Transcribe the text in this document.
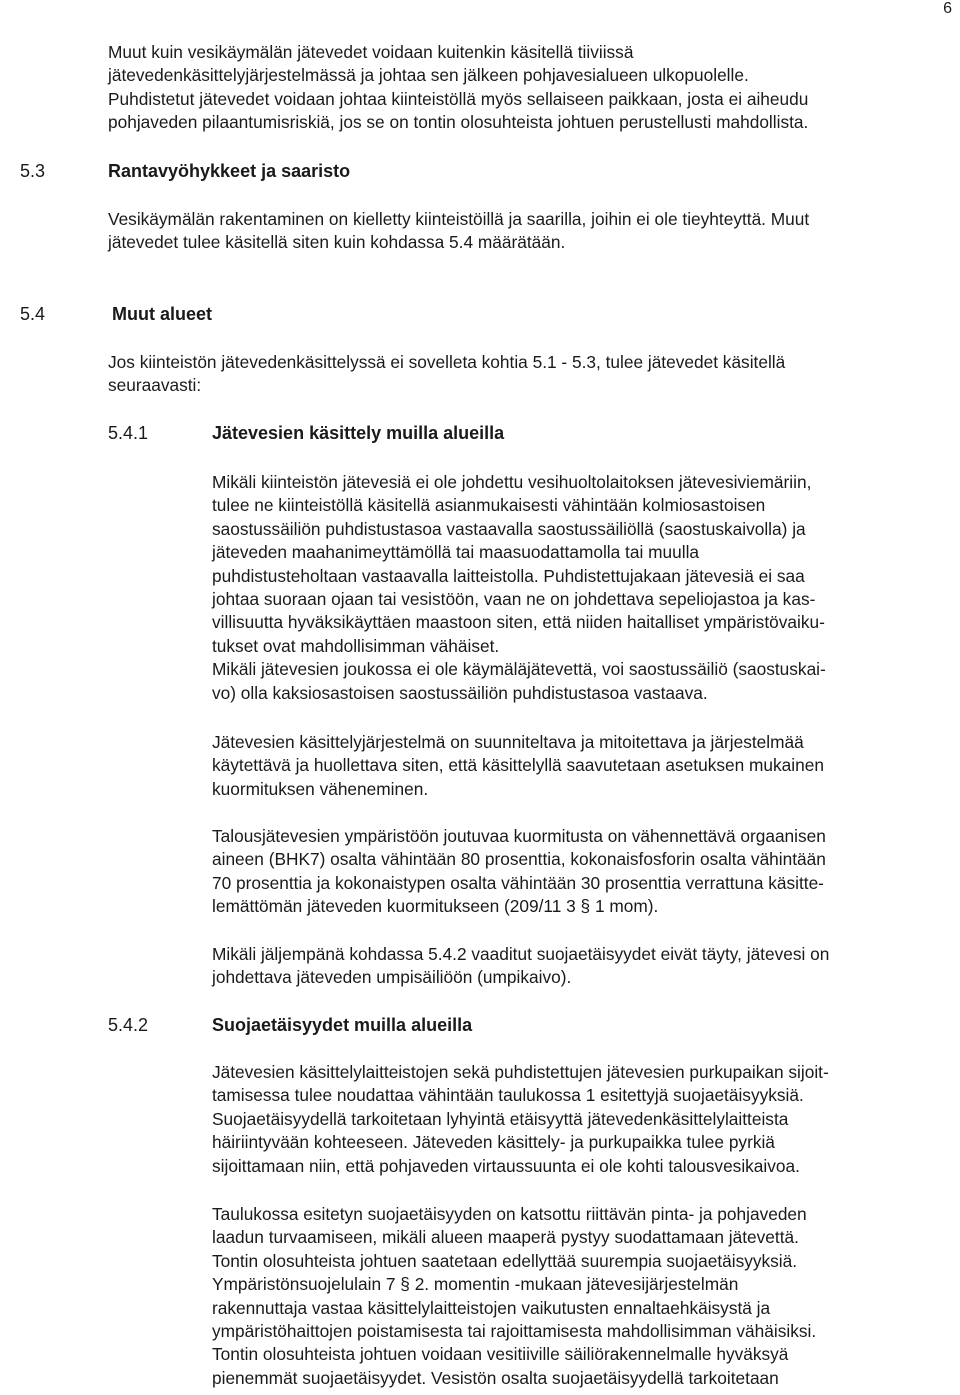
6
Muut kuin vesikäymälän jätevedet voidaan kuitenkin käsitellä tiiviissä
jätevedenkäsittelyjärjestelmässä ja johtaa sen jälkeen pohjavesialueen ulkopuolelle.
Puhdistetut jätevedet voidaan johtaa kiinteistöllä myös sellaiseen paikkaan, josta ei aiheudu
pohjaveden pilaantumisriskiä, jos se on tontin olosuhteista johtuen perustellusti mahdollista.
5.3	Rantavyöhykkeet ja saaristo
Vesikäymälän rakentaminen on kielletty kiinteistöillä ja saarilla, joihin ei ole tieyhteyttä. Muut
jätevedet tulee käsitellä siten kuin kohdassa 5.4 määrätään.
5.4	Muut alueet
Jos kiinteistön jätevedenkäsittelyssä ei sovelleta kohtia 5.1 - 5.3, tulee jätevedet käsitellä
seuraavasti:
5.4.1	Jätevesien käsittely muilla alueilla
Mikäli kiinteistön jätevesiä ei ole johdettu vesihuoltolaitoksen jätevesiviemäriin,
tulee ne kiinteistöllä käsitellä asianmukaisesti vähintään kolmiosastoisen
saostussäiliön puhdistustasoa vastaavalla saostussäiliöllä (saostuskaivolla) ja
jäteveden maahanimeyttämöllä tai maasuodattamolla tai muulla
puhdistusteholtaan vastaavalla laitteistolla. Puhdistettujakaan jätevesiä ei saa
johtaa suoraan ojaan tai vesistöön, vaan ne on johdettava sepeliojastoa ja kas-
villisuutta hyväksikäyttäen maastoon siten, että niiden haitalliset ympäristövaiku-
tukset ovat mahdollisimman vähäiset.
Mikäli jätevesien joukossa ei ole käymäläjätevettä, voi saostussäiliö (saostuskai-
vo) olla kaksiosastoisen saostussäiliön puhdistustasoa vastaava.
Jätevesien käsittelyjärjestelmä on suunniteltava ja mitoitettava ja järjestelmää
käytettävä ja huollettava siten, että käsittelyllä saavutetaan asetuksen mukainen
kuormituksen väheneminen.
Talousjätevesien ympäristöön joutuvaa kuormitusta on vähennettävä orgaanisen
aineen (BHK7) osalta vähintään 80 prosenttia, kokonaisfosforin osalta vähintään
70 prosenttia ja kokonaistypen osalta vähintään 30 prosenttia verrattuna käsitte-
lemättömän jäteveden kuormitukseen (209/11 3 § 1 mom).
Mikäli jäljempänä kohdassa 5.4.2 vaaditut suojaetäisyydet eivät täyty, jätevesi on
johdettava jäteveden umpisäiliöön (umpikaivo).
5.4.2	Suojaetäisyydet muilla alueilla
Jätevesien käsittelylaitteistojen sekä puhdistettujen jätevesien purkupaikan sijoit-
tamisessa tulee noudattaa vähintään taulukossa 1 esitettyjä suojaetäisyyksiä.
Suojaetäisyydellä tarkoitetaan lyhyintä etäisyyttä jätevedenkäsittelylaitteista
häiriintyvään kohteeseen. Jäteveden käsittely- ja purkupaikka tulee pyrkiä
sijoittamaan niin, että pohjaveden virtaussuunta ei ole kohti talousvesikaivoa.
Taulukossa esitetyn suojaetäisyyden on katsottu riittävän pinta- ja pohjaveden
laadun turvaamiseen, mikäli alueen maaperä pystyy suodattamaan jätevettä.
Tontin olosuhteista johtuen saatetaan edellyttää suurempia suojaetäisyyksiä.
Ympäristönsuojelulain 7 § 2. momentin -mukaan jätevesijärjestelmän
rakennuttaja vastaa käsittelylaitteistojen vaikutusten ennaltaehkäisystä ja
ympäristöhaittojen poistamisesta tai rajoittamisesta mahdollisimman vähäisiksi.
Tontin olosuhteista johtuen voidaan vesitiiville säiliörakennelmalle hyväksyä
pienemmät suojaetäisyydet. Vesistön osalta suojaetäisyydellä tarkoitetaan
